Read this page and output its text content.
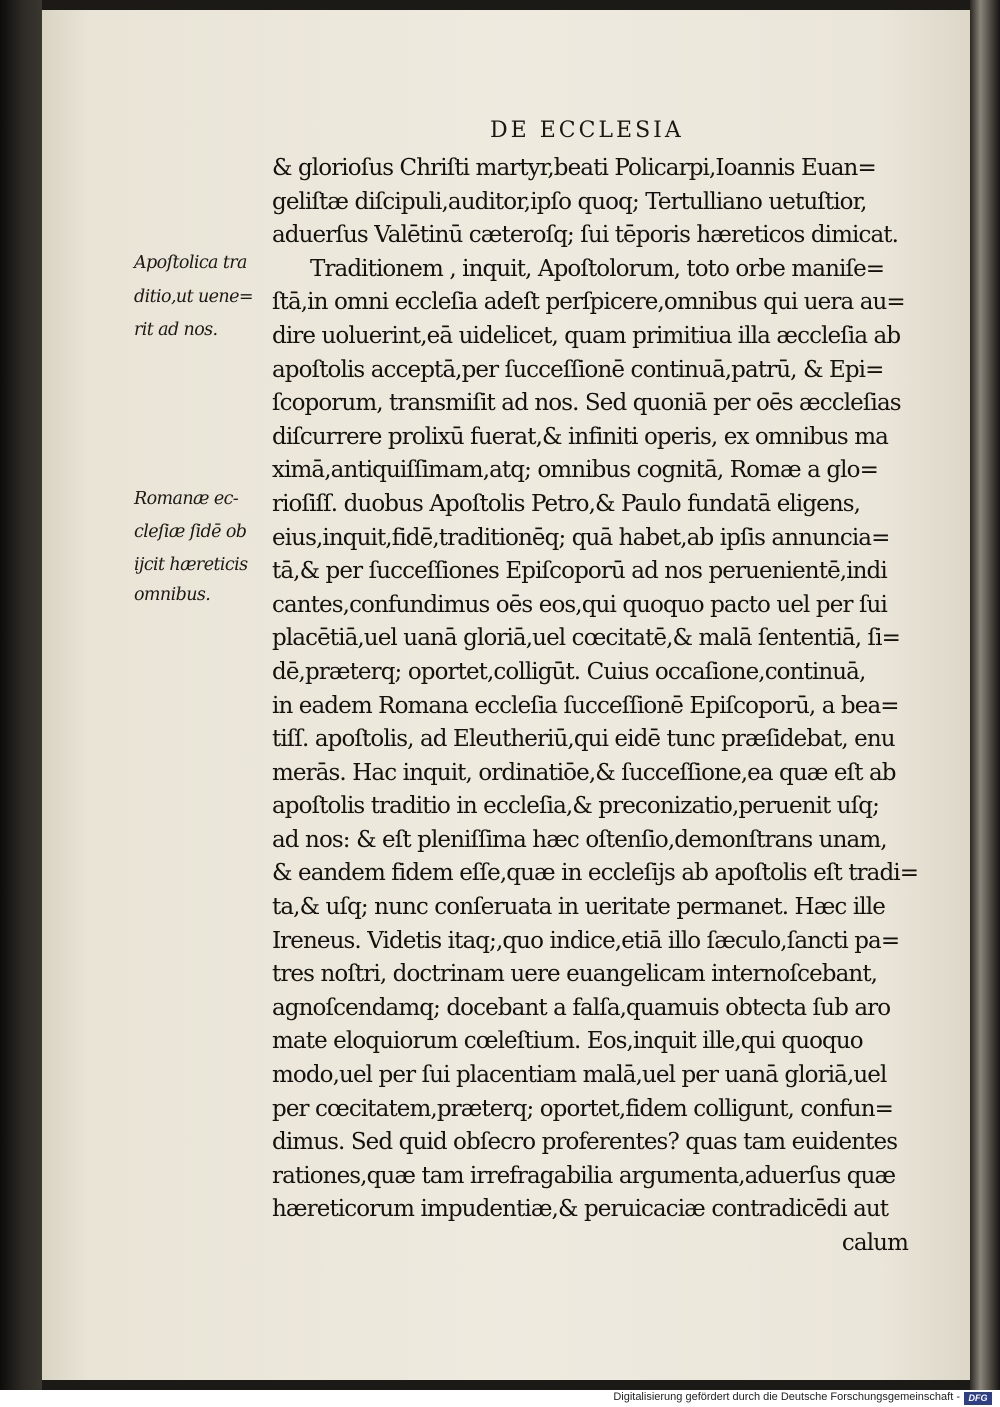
DE ECCLESIA
Apoſtolica tra
ditio,ut uene=
rit ad nos.
Romanæ ec-
cleſiæ ſidē ob
ijcit hæreticis
omnibus.
& glorioſus Chriſti martyr,beati Policarpi,Ioannis Euan=
geliſtæ diſcipuli,auditor,ipſo quoq; Tertulliano uetuſtior,
aduerſus Valētinū cæteroſq; ſui tēporis hæreticos dimicat.
Traditionem , inquit, Apoſtolorum, toto orbe maniſe=
ſtā,in omni eccleſia adeſt perſpicere,omnibus qui uera au=
dire uoluerint,eā uidelicet, quam primitiua illa æccleſia ab
apoſtolis acceptā,per ſucceſſionē continuā,patrū, & Epi=
ſcoporum, transmiſit ad nos. Sed quoniā per oēs æccleſias
diſcurrere prolixū fuerat,& infiniti operis, ex omnibus ma
ximā,antiquiſſimam,atq; omnibus cognitā, Romæ a glo=
rioſiſſ. duobus Apoſtolis Petro,& Paulo fundatā eligens,
eius,inquit,fidē,traditionēq; quā habet,ab ipſis annuncia=
tā,& per ſucceſſiones Epiſcoporū ad nos peruenientē,indi
cantes,confundimus oēs eos,qui quoquo pacto uel per ſui
placētiā,uel uanā gloriā,uel cœcitatē,& malā ſententiā, ſi=
dē,præterq; oportet,colligūt. Cuius occaſione,continuā,
in eadem Romana eccleſia ſucceſſionē Epiſcoporū, a bea=
tiſſ. apoſtolis, ad Eleutheriū,qui eidē tunc præſidebat, enu
merās. Hac inquit, ordinatiōe,& ſucceſſione,ea quæ eſt ab
apoſtolis traditio in eccleſia,& preconizatio,peruenit uſq;
ad nos: & eſt pleniſſima hæc oſtenſio,demonſtrans unam,
& eandem fidem eſſe,quæ in eccleſijs ab apoſtolis eſt tradi=
ta,& uſq; nunc conſeruata in ueritate permanet. Hæc ille
Ireneus. Videtis itaq;,quo indice,etiā illo ſæculo,ſancti pa=
tres noſtri, doctrinam uere euangelicam internoſcebant,
agnoſcendamq; docebant a falſa,quamuis obtecta ſub aro
mate eloquiorum cœleſtium. Eos,inquit ille,qui quoquo
modo,uel per ſui placentiam malā,uel per uanā gloriā,uel
per cœcitatem,præterq; oportet,fidem colligunt, confun=
dimus. Sed quid obſecro proferentes? quas tam euidentes
rationes,quæ tam irrefragabilia argumenta,aduerſus quæ
hæreticorum impudentiæ,& peruicaciæ contradicēdi aut
calum
Digitalisierung gefördert durch die Deutsche Forschungsgemeinschaft - DFG
